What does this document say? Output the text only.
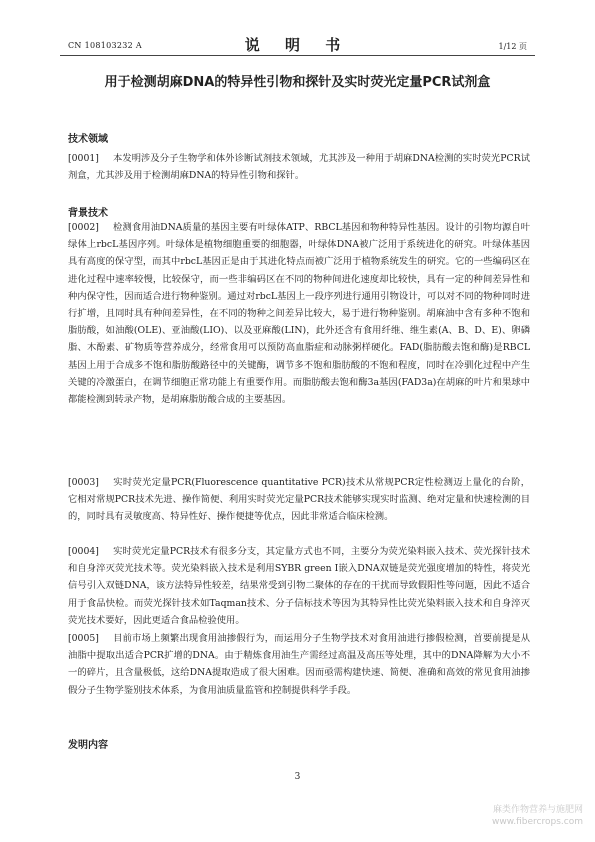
CN 108103232 A	说 明 书	1/12 页
用于检测胡麻DNA的特异性引物和探针及实时荧光定量PCR试剂盒
技术领域
[0001] 本发明涉及分子生物学和体外诊断试剂技术领域，尤其涉及一种用于胡麻DNA检测的实时荧光PCR试剂盒，尤其涉及用于检测胡麻DNA的特异性引物和探针。
背景技术
[0002] 检测食用油DNA质量的基因主要有叶绿体ATP、RBCL基因和物种特异性基因。设计的引物均源自叶绿体上rbcL基因序列。叶绿体是植物细胞重要的细胞器，叶绿体DNA被广泛用于系统进化的研究。叶绿体基因具有高度的保守型，而其中rbcL基因正是由于其进化特点而被广泛用于植物系统发生的研究。它的一些编码区在进化过程中速率较慢，比较保守，而一些非编码区在不同的物种间进化速度却比较快，具有一定的种间差异性和种内保守性，因而适合进行物种鉴别。通过对rbcL基因上一段序列进行通用引物设计，可以对不同的物种同时进行扩增，且同时具有种间差异性，在不同的物种之间差异比较大，易于进行物种鉴别。胡麻油中含有多种不饱和脂肪酸，如油酸(OLE)、亚油酸(LIO)、以及亚麻酸(LIN)，此外还含有食用纤维、维生素(A、B、D、E)、卵磷脂、木酚素、矿物质等营养成分，经常食用可以预防高血脂症和动脉粥样硬化。FAD(脂肪酸去饱和酶)是RBCL基因上用于合成多不饱和脂肪酸路径中的关键酶，调节多不饱和脂肪酸的不饱和程度，同时在冷驯化过程中产生关键的冷激蛋白，在调节细胞正常功能上有重要作用。而脂肪酸去饱和酶3a基因(FAD3a)在胡麻的叶片和果球中都能检测到转录产物，是胡麻脂肪酸合成的主要基因。
[0003] 实时荧光定量PCR(Fluorescence quantitative PCR)技术从常规PCR定性检测迈上量化的台阶，它相对常规PCR技术先进、操作简便、利用实时荧光定量PCR技术能够实现实时监测、绝对定量和快速检测的目的，同时具有灵敏度高、特异性好、操作便捷等优点，因此非常适合临床检测。
[0004] 实时荧光定量PCR技术有很多分支，其定量方式也不同，主要分为荧光染料嵌入技术、荧光探针技术和自身淬灭荧光技术等。荧光染料嵌入技术是利用SYBR green Ⅰ嵌入DNA双链是荧光强度增加的特性，将荧光信号引入双链DNA，该方法特异性较差，结果常受到引物二聚体的存在的干扰而导致假阳性等问题，因此不适合用于食品快检。而荧光探针技术如Taqman技术、分子信标技术等因为其特异性比荧光染料嵌入技术和自身淬灭荧光技术要好，因此更适合食品检验使用。
[0005] 目前市场上频繁出现食用油掺假行为，而运用分子生物学技术对食用油进行掺假检测，首要前提是从油脂中提取出适合PCR扩增的DNA。由于精炼食用油生产需经过高温及高压等处理，其中的DNA降解为大小不一的碎片，且含量极低，这给DNA提取造成了很大困难。因而亟需构建快速、简便、准确和高效的常见食用油掺假分子生物学鉴别技术体系，为食用油质量监管和控制提供科学手段。
发明内容
3
麻类作物营养与施肥网
www.fibercrops.com
